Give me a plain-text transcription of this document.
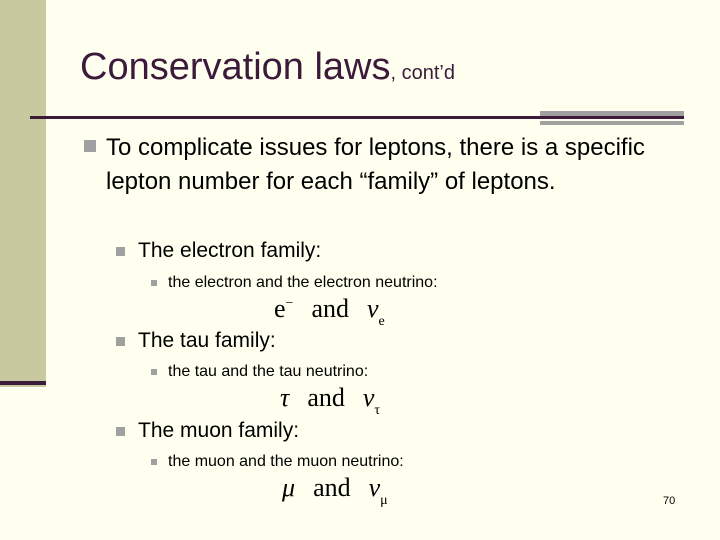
Conservation laws, cont’d
To complicate issues for leptons, there is a specific lepton number for each “family” of leptons.
The electron family:
the electron and the electron neutrino:
e− and $\nu_e$
The tau family:
the tau and the tau neutrino:
τ and $\nu_\tau$
The muon family:
the muon and the muon neutrino:
μ and $\nu_\mu$	70
